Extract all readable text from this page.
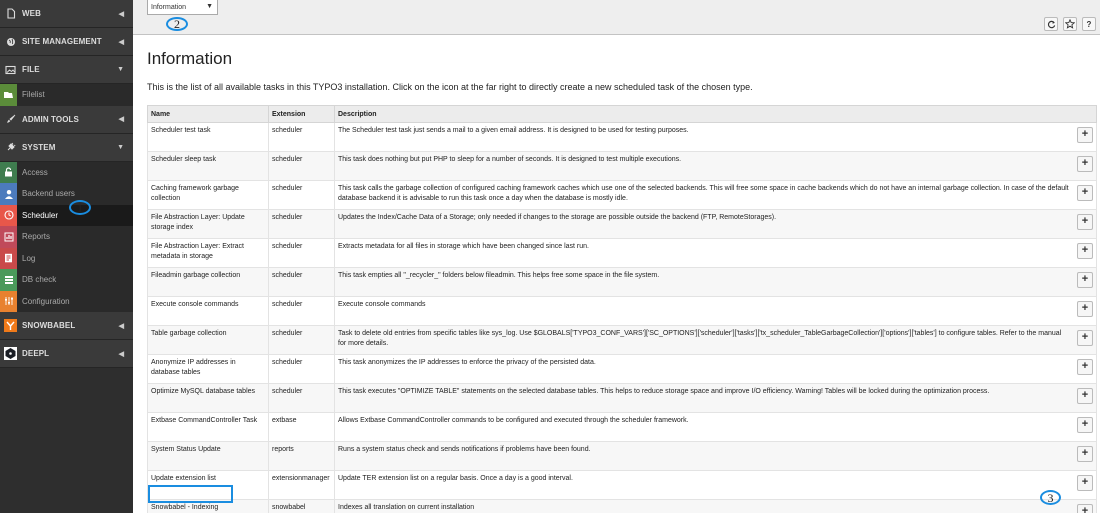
WEB	◀
SITE MANAGEMENT ◀
FILE	▼
Filelist
ADMIN TOOLS	◀
SYSTEM	▼
Access
Backend users
Scheduler
Reports
Log
DB check
Configuration
SNOWBABEL	◀
DEEPL	◀
Information	▼
?
2
Information

This is the list of all available tasks in this TYPO3 installation. Click on the icon at the far right to directly create a new scheduled task of the chosen type.

Name	Extension	Description
Scheduler test task	scheduler	The Scheduler test task just sends a mail to a given email address. It is designed to be used for testing purposes. +

Scheduler sleep task	scheduler	This task does nothing but put PHP to sleep for a number of seconds. It is designed to test multiple executions. +

Caching framework garbage collection	scheduler	This task calls the garbage collection of configured caching framework caches which use one of the selected backends. This will free some space in cache backends which do not have an internal garbage collection. In case of the default database backend it is advisable to run this task once a day when the database is mostly idle.
+

File Abstraction Layer: Update storage index	scheduler	Updates the Index/Cache Data of a Storage; only needed if changes to the storage are possible outside the backend (FTP, RemoteStorages). +

File Abstraction Layer: Extract metadata in storage	scheduler	Extracts metadata for all files in storage which have been changed since last run. +

Fileadmin garbage collection	scheduler	This task empties all "_recycler_" folders below fileadmin. This helps free some space in the file system. +

Execute console commands	scheduler	Execute console commands +

Table garbage collection	scheduler	Task to delete old entries from specific tables like sys_log. Use $GLOBALS['TYPO3_CONF_VARS']['SC_OPTIONS']['scheduler']['tasks']['tx_scheduler_TableGarbageCollection']['options']['tables'] to configure tables. Refer to the manual for more details.
+

Anonymize IP addresses in database tables	scheduler	This task anonymizes the IP addresses to enforce the privacy of the persisted data. +

Optimize MySQL database tables	scheduler	This task executes "OPTIMIZE TABLE" statements on the selected database tables. This helps to reduce storage space and improve I/O efficiency. Warning! Tables will be locked during the optimization process. +

Extbase CommandController Task	extbase	Allows Extbase CommandController commands to be configured and executed through the scheduler framework. +

System Status Update	reports	Runs a system status check and sends notifications if problems have been found. +

Update extension list	extensionmanager	Update TER extension list on a regular basis. Once a day is a good interval. +

Snowbabel - Indexing	snowbabel	Indexes all translation on current installation +
1
3
